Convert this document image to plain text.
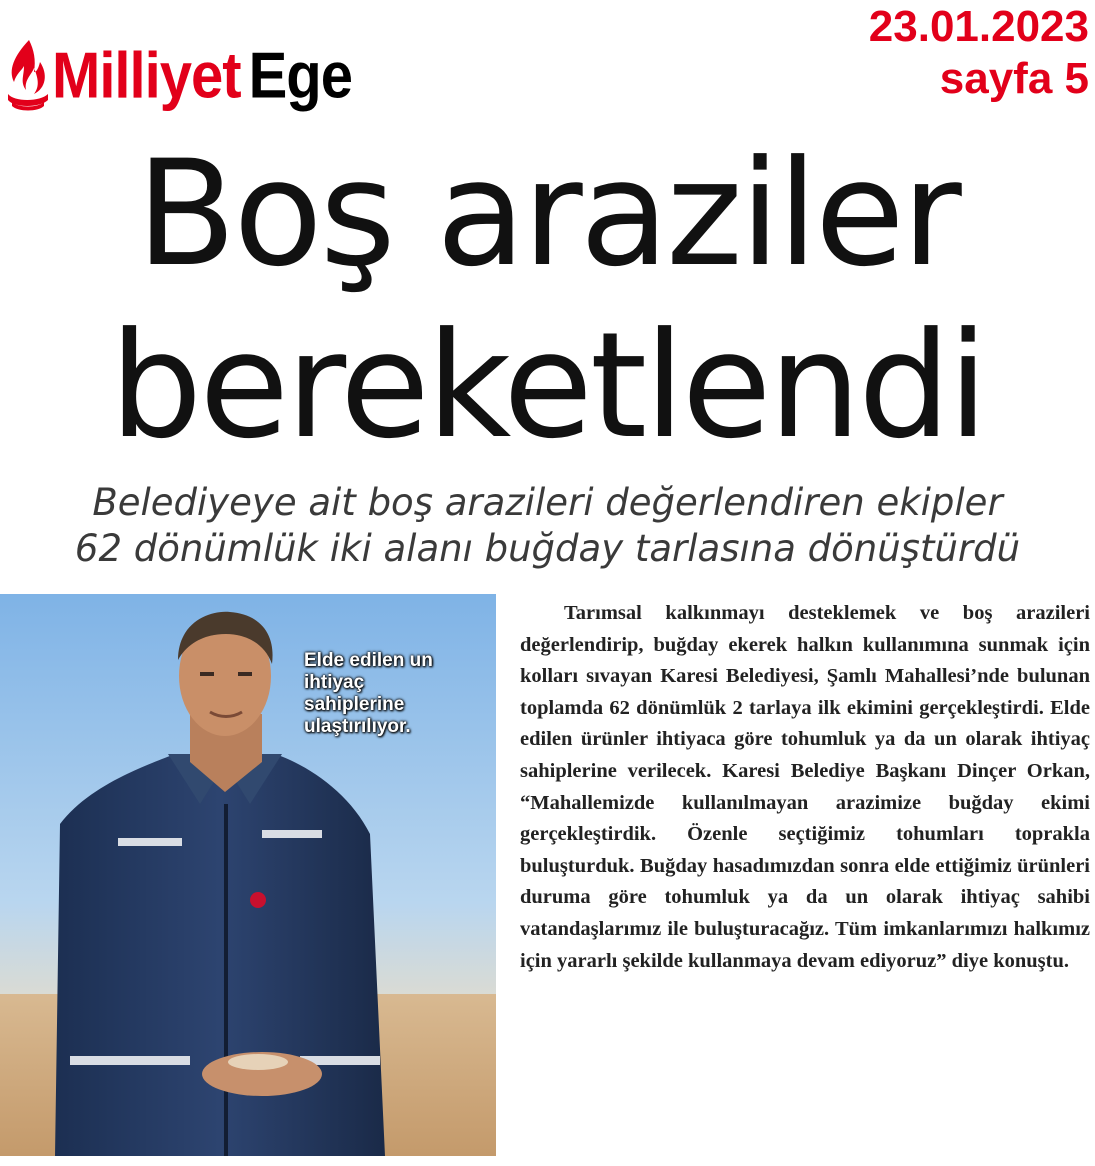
Milliyet Ege
23.01.2023
sayfa 5
Boş araziler
bereketlendi
Belediyeye ait boş arazileri değerlendiren ekipler
62 dönümlük iki alanı buğday tarlasına dönüştürdü
Elde edilen un ihtiyaç sahiplerine ulaştırılıyor.
Tarımsal kalkınmayı desteklemek ve boş arazileri değerlendirip, buğday ekerek halkın kullanımına sunmak için kolları sıvayan Karesi Belediyesi, Şamlı Mahallesi’nde bulunan toplamda 62 dönümlük 2 tarlaya ilk ekimini gerçekleştirdi. Elde edilen ürünler ihtiyaca göre tohumluk ya da un olarak ihtiyaç sahiplerine verilecek. Karesi Belediye Başkanı Dinçer Orkan, “Mahallemizde kullanılmayan arazimize buğday ekimi gerçekleştirdik. Özenle seçtiğimiz tohumları toprakla buluşturduk. Buğday hasadımızdan sonra elde ettiğimiz ürünleri duruma göre tohumluk ya da un olarak ihtiyaç sahibi vatandaşlarımız ile buluşturacağız. Tüm imkanlarımızı halkımız için yararlı şekilde kullanmaya devam ediyoruz” diye konuştu.
